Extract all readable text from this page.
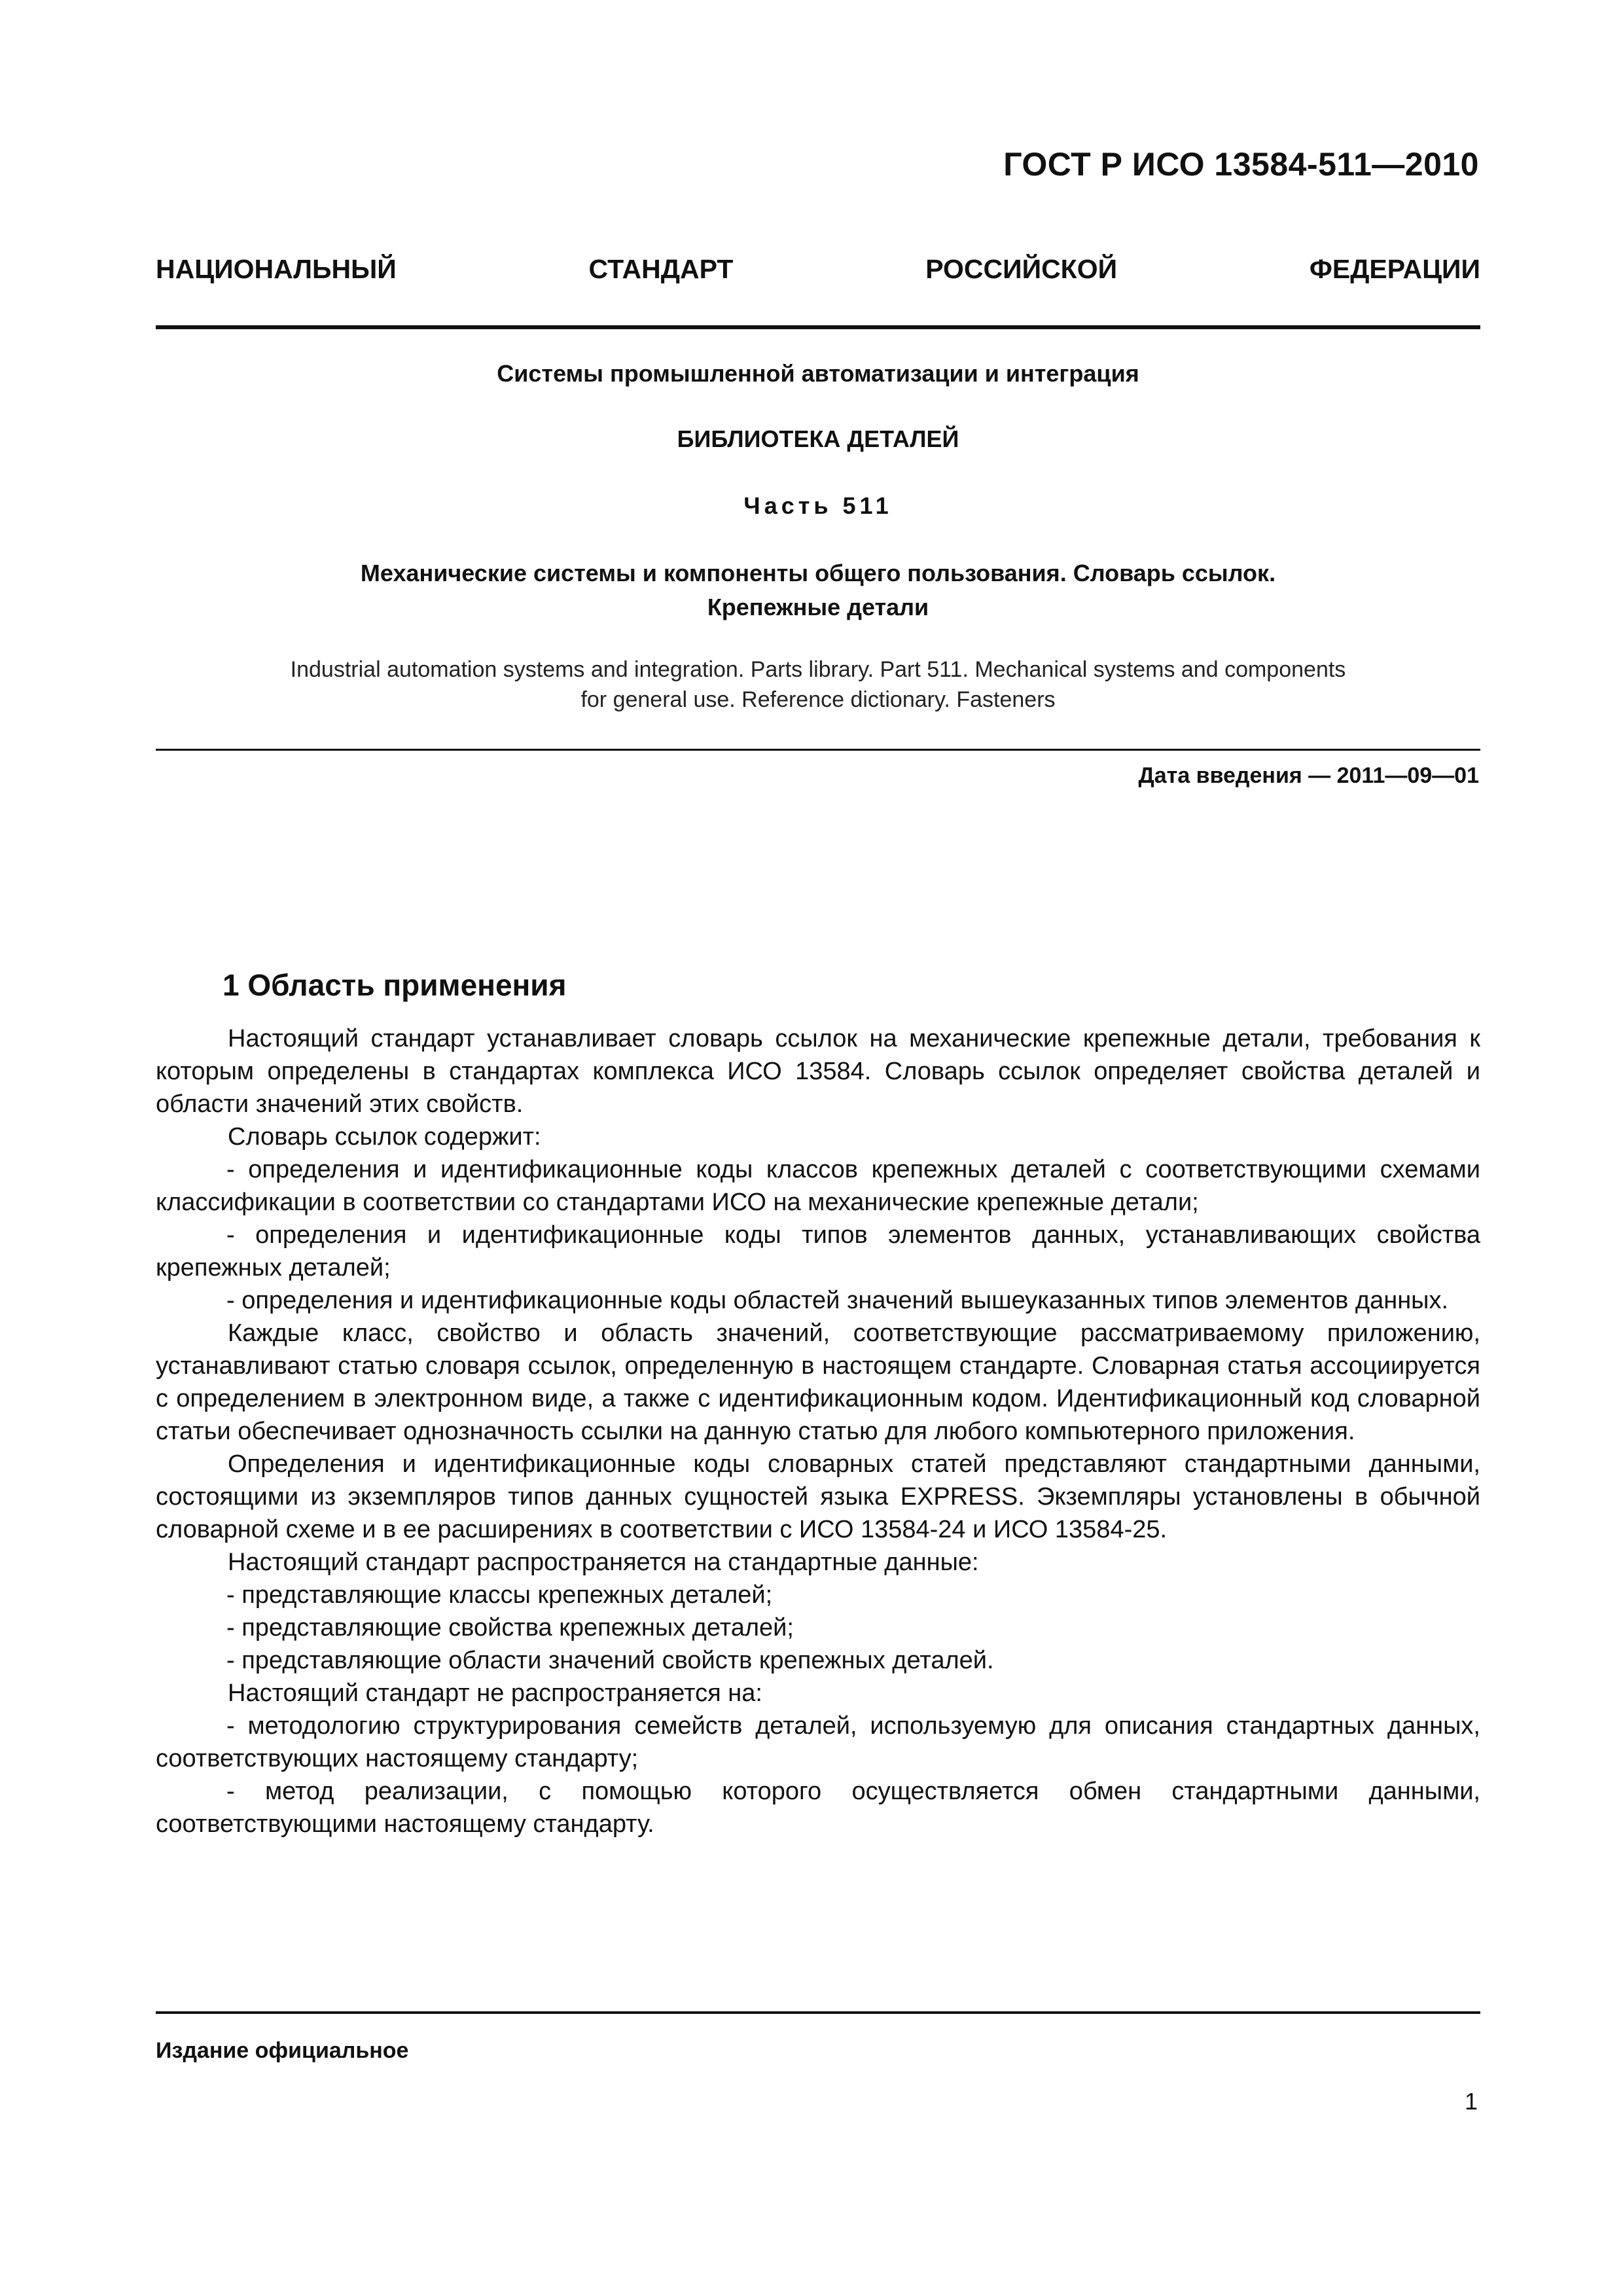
ГОСТ Р ИСО 13584-511—2010
НАЦИОНАЛЬНЫЙ СТАНДАРТ РОССИЙСКОЙ ФЕДЕРАЦИИ
Системы промышленной автоматизации и интеграция
БИБЛИОТЕКА ДЕТАЛЕЙ
Часть 511
Механические системы и компоненты общего пользования. Словарь ссылок.
Крепежные детали
Industrial automation systems and integration. Parts library. Part 511. Mechanical systems and components
for general use. Reference dictionary. Fasteners
Дата введения — 2011—09—01
1 Область применения

Настоящий стандарт устанавливает словарь ссылок на механические крепежные детали, требования к которым определены в стандартах комплекса ИСО 13584. Словарь ссылок определяет свойства деталей и области значений этих свойств.

Словарь ссылок содержит:

- определения и идентификационные коды классов крепежных деталей с соответствующими схемами классификации в соответствии со стандартами ИСО на механические крепежные детали;

- определения и идентификационные коды типов элементов данных, устанавливающих свойства крепежных деталей;

- определения и идентификационные коды областей значений вышеуказанных типов элементов данных.

Каждые класс, свойство и область значений, соответствующие рассматриваемому приложению, устанавливают статью словаря ссылок, определенную в настоящем стандарте. Словарная статья ассоциируется с определением в электронном виде, а также с идентификационным кодом. Идентификационный код словарной статьи обеспечивает однозначность ссылки на данную статью для любого компьютерного приложения.

Определения и идентификационные коды словарных статей представляют стандартными данными, состоящими из экземпляров типов данных сущностей языка EXPRESS. Экземпляры установлены в обычной словарной схеме и в ее расширениях в соответствии с ИСО 13584-24 и ИСО 13584-25.

Настоящий стандарт распространяется на стандартные данные:

- представляющие классы крепежных деталей;

- представляющие свойства крепежных деталей;

- представляющие области значений свойств крепежных деталей.

Настоящий стандарт не распространяется на:

- методологию структурирования семейств деталей, используемую для описания стандартных данных, соответствующих настоящему стандарту;

- метод реализации, с помощью которого осуществляется обмен стандартными данными, соответствующими настоящему стандарту.

Издание официальное
1
